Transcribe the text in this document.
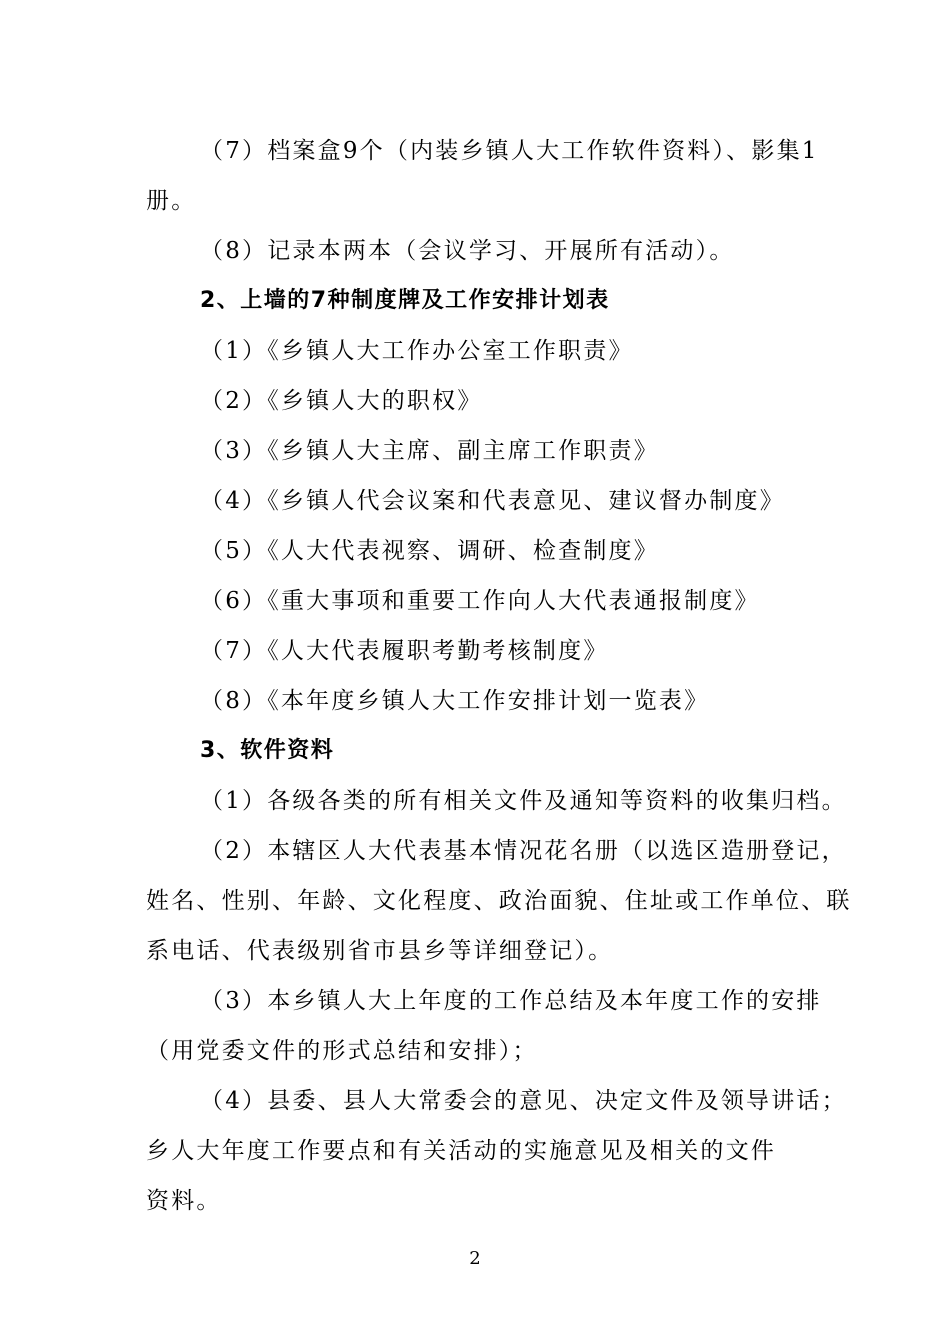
（7）档案盒9个（内装乡镇人大工作软件资料）、影集1
册。
（8）记录本两本（会议学习、开展所有活动）。
2、上墙的7种制度牌及工作安排计划表
（1）《乡镇人大工作办公室工作职责》
（2）《乡镇人大的职权》
（3）《乡镇人大主席、副主席工作职责》
（4）《乡镇人代会议案和代表意见、建议督办制度》
（5）《人大代表视察、调研、检查制度》
（6）《重大事项和重要工作向人大代表通报制度》
（7）《人大代表履职考勤考核制度》
（8）《本年度乡镇人大工作安排计划一览表》
3、软件资料
（1）各级各类的所有相关文件及通知等资料的收集归档。
（2）本辖区人大代表基本情况花名册（以选区造册登记，
姓名、性别、年龄、文化程度、政治面貌、住址或工作单位、联
系电话、代表级别省市县乡等详细登记）。
（3）本乡镇人大上年度的工作总结及本年度工作的安排
（用党委文件的形式总结和安排）；
（4）县委、县人大常委会的意见、决定文件及领导讲话；
乡人大年度工作要点和有关活动的实施意见及相关的文件
资料。
2
